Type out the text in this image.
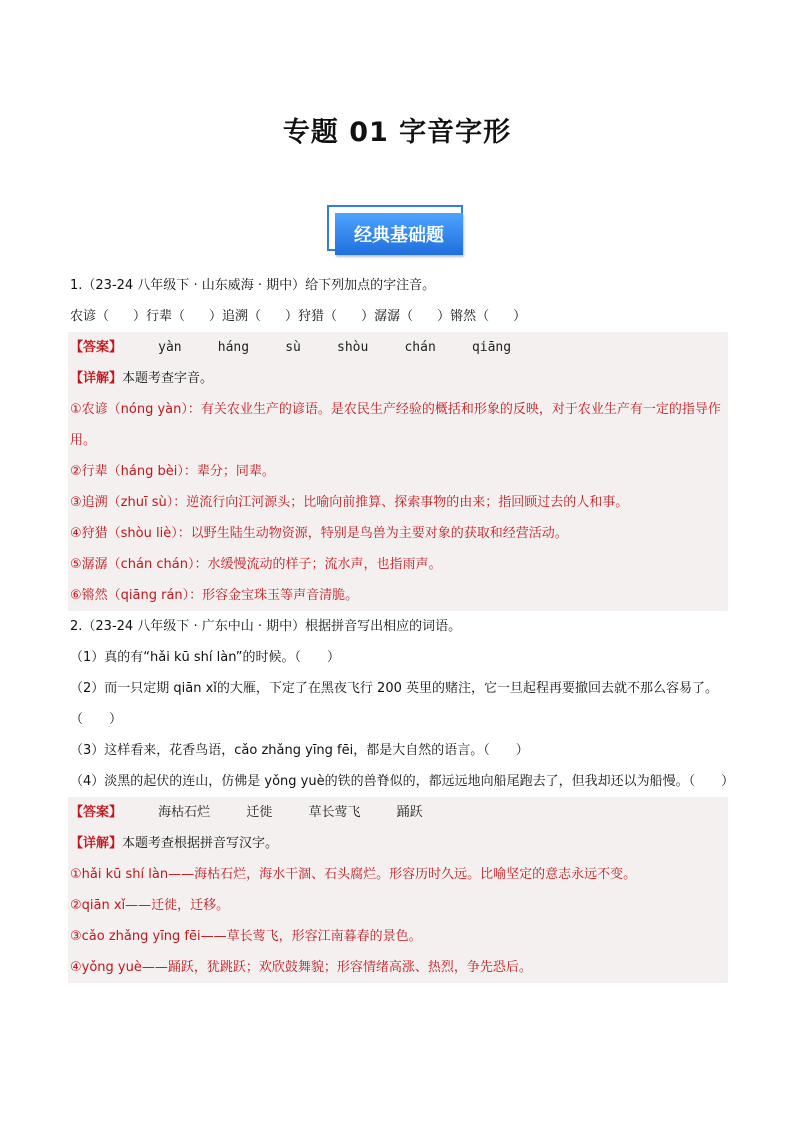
专题 01 字音字形
经典基础题
1.（23-24 八年级下 · 山东威海 · 期中）给下列加点的字注音。
农谚（ ）行辈（ ）追溯（ ）狩猎（ ）潺潺（ ）锵然（ ）
【答案】	yàn	háng	sù	shòu	chán	qiāng
【详解】本题考查字音。
①农谚（nóng yàn）：有关农业生产的谚语。是农民生产经验的概括和形象的反映，对于农业生产有一定的指导作用。
②行辈（háng bèi）：辈分；同辈。
③追溯（zhuī sù）：逆流行向江河源头；比喻向前推算、探索事物的由来；指回顾过去的人和事。
④狩猎（shòu liè）：以野生陆生动物资源，特别是鸟兽为主要对象的获取和经营活动。
⑤潺潺（chán chán）：水缓慢流动的样子；流水声，也指雨声。
⑥锵然（qiāng rán）：形容金宝珠玉等声音清脆。
2.（23-24 八年级下 · 广东中山 · 期中）根据拼音写出相应的词语。
（1）真的有“hǎi kū shí làn”的时候。（　　）
（2）而一只定期 qiān xǐ的大雁，下定了在黑夜飞行 200 英里的赌注，它一旦起程再要撤回去就不那么容易了。（　　）
（3）这样看来，花香鸟语，cǎo zhǎng yīng fēi，都是大自然的语言。（　　）
（4）淡黑的起伏的连山，仿佛是 yǒng yuè的铁的兽脊似的，都远远地向船尾跑去了，但我却还以为船慢。（　　）
【答案】	海枯石烂	迁徙	草长莺飞	踊跃
【详解】本题考查根据拼音写汉字。
①hǎi kū shí làn——海枯石烂，海水干涸、石头腐烂。形容历时久远。比喻坚定的意志永远不变。
②qiān xǐ——迁徙，迁移。
③cǎo zhǎng yīng fēi——草长莺飞，形容江南暮春的景色。
④yǒng yuè——踊跃，犹跳跃；欢欣鼓舞貌；形容情绪高涨、热烈，争先恐后。
